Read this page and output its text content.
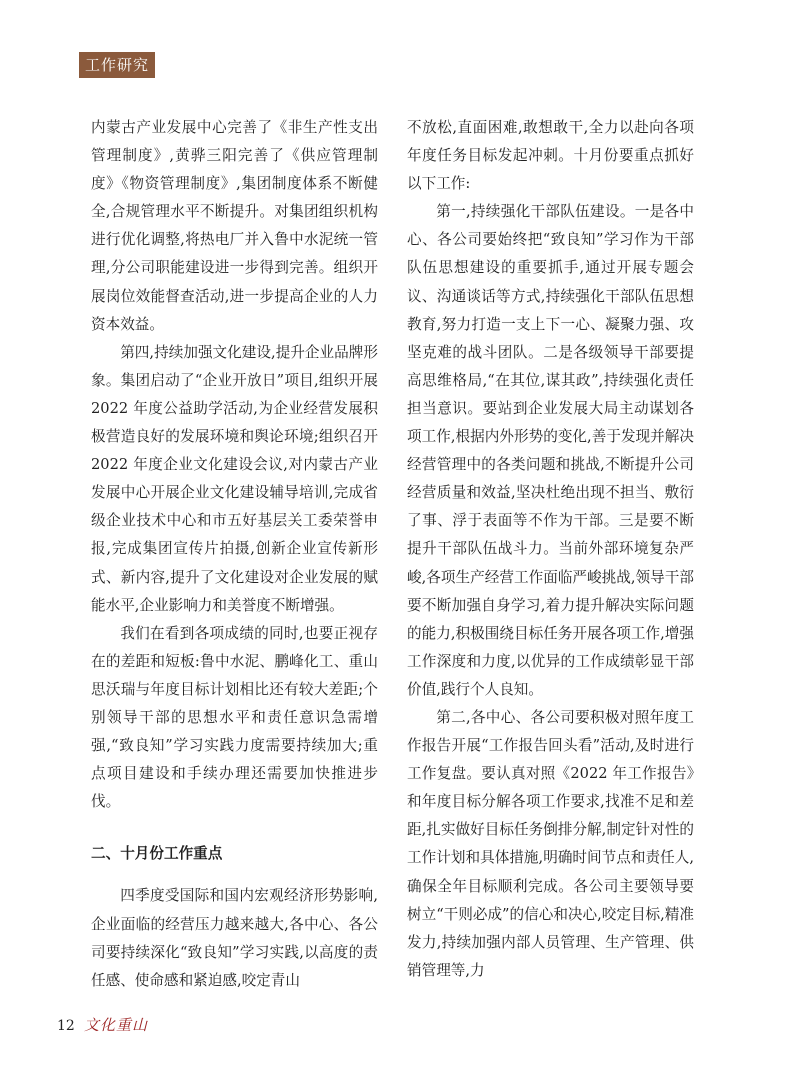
工作研究

内蒙古产业发展中心完善了《非生产性支出管理制度》,黄骅三阳完善了《供应管理制度》《物资管理制度》,集团制度体系不断健全,合规管理水平不断提升。对集团组织机构进行优化调整,将热电厂并入鲁中水泥统一管理,分公司职能建设进一步得到完善。组织开展岗位效能督查活动,进一步提高企业的人力资本效益。

第四,持续加强文化建设,提升企业品牌形象。集团启动了“企业开放日”项目,组织开展 2022 年度公益助学活动,为企业经营发展积极营造良好的发展环境和舆论环境;组织召开 2022 年度企业文化建设会议,对内蒙古产业发展中心开展企业文化建设辅导培训,完成省级企业技术中心和市五好基层关工委荣誉申报,完成集团宣传片拍摄,创新企业宣传新形式、新内容,提升了文化建设对企业发展的赋能水平,企业影响力和美誉度不断增强。

我们在看到各项成绩的同时,也要正视存在的差距和短板:鲁中水泥、鹏峰化工、重山思沃瑞与年度目标计划相比还有较大差距;个别领导干部的思想水平和责任意识急需增强,“致良知”学习实践力度需要持续加大;重点项目建设和手续办理还需要加快推进步伐。

二、十月份工作重点

四季度受国际和国内宏观经济形势影响,企业面临的经营压力越来越大,各中心、各公司要持续深化“致良知”学习实践,以高度的责任感、使命感和紧迫感,咬定青山

不放松,直面困难,敢想敢干,全力以赴向各项年度任务目标发起冲刺。十月份要重点抓好以下工作:

第一,持续强化干部队伍建设。一是各中心、各公司要始终把“致良知”学习作为干部队伍思想建设的重要抓手,通过开展专题会议、沟通谈话等方式,持续强化干部队伍思想教育,努力打造一支上下一心、凝聚力强、攻坚克难的战斗团队。二是各级领导干部要提高思维格局,“在其位,谋其政”,持续强化责任担当意识。要站到企业发展大局主动谋划各项工作,根据内外形势的变化,善于发现并解决经营管理中的各类问题和挑战,不断提升公司经营质量和效益,坚决杜绝出现不担当、敷衍了事、浮于表面等不作为干部。三是要不断提升干部队伍战斗力。当前外部环境复杂严峻,各项生产经营工作面临严峻挑战,领导干部要不断加强自身学习,着力提升解决实际问题的能力,积极围绕目标任务开展各项工作,增强工作深度和力度,以优异的工作成绩彰显干部价值,践行个人良知。

第二,各中心、各公司要积极对照年度工作报告开展“工作报告回头看”活动,及时进行工作复盘。要认真对照《2022 年工作报告》和年度目标分解各项工作要求,找准不足和差距,扎实做好目标任务倒排分解,制定针对性的工作计划和具体措施,明确时间节点和责任人,确保全年目标顺利完成。各公司主要领导要树立“干则必成”的信心和决心,咬定目标,精准发力,持续加强内部人员管理、生产管理、供销管理等,力

12 文化重山
